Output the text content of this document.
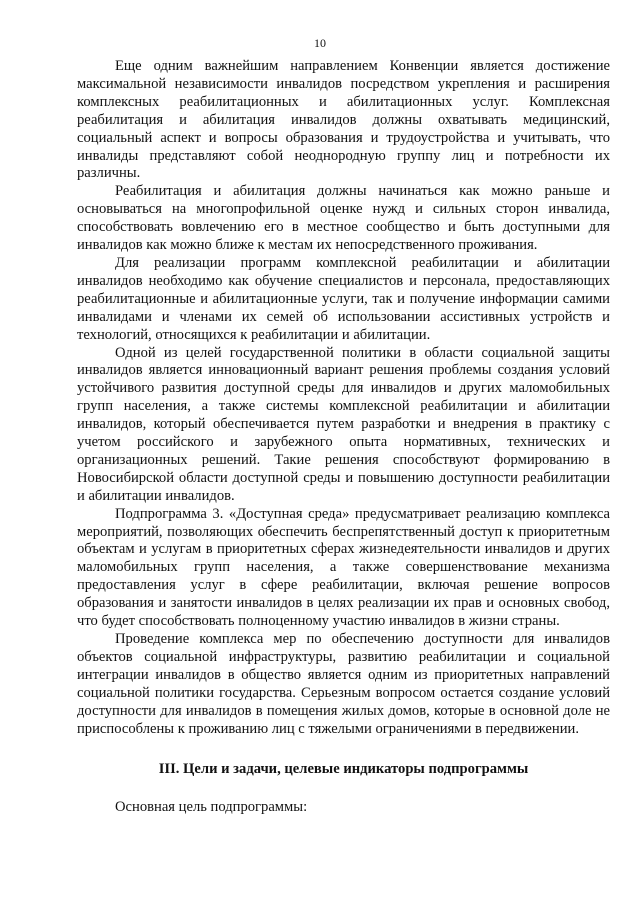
10

Еще одним важнейшим направлением Конвенции является достижение максимальной независимости инвалидов посредством укрепления и расширения комплексных реабилитационных и абилитационных услуг. Комплексная реабилитация и абилитация инвалидов должны охватывать медицинский, социальный аспект и вопросы образования и трудоустройства и учитывать, что инвалиды представляют собой неоднородную группу лиц и потребности их различны.

Реабилитация и абилитация должны начинаться как можно раньше и основываться на многопрофильной оценке нужд и сильных сторон инвалида, способствовать вовлечению его в местное сообщество и быть доступными для инвалидов как можно ближе к местам их непосредственного проживания.

Для реализации программ комплексной реабилитации и абилитации инвалидов необходимо как обучение специалистов и персонала, предоставляющих реабилитационные и абилитационные услуги, так и получение информации самими инвалидами и членами их семей об использовании ассистивных устройств и технологий, относящихся к реабилитации и абилитации.

Одной из целей государственной политики в области социальной защиты инвалидов является инновационный вариант решения проблемы создания условий устойчивого развития доступной среды для инвалидов и других маломобильных групп населения, а также системы комплексной реабилитации и абилитации инвалидов, который обеспечивается путем разработки и внедрения в практику с учетом российского и зарубежного опыта нормативных, технических и организационных решений. Такие решения способствуют формированию в Новосибирской области доступной среды и повышению доступности реабилитации и абилитации инвалидов.

Подпрограмма 3. «Доступная среда» предусматривает реализацию комплекса мероприятий, позволяющих обеспечить беспрепятственный доступ к приоритетным объектам и услугам в приоритетных сферах жизнедеятельности инвалидов и других маломобильных групп населения, а также совершенствование механизма предоставления услуг в сфере реабилитации, включая решение вопросов образования и занятости инвалидов в целях реализации их прав и основных свобод, что будет способствовать полноценному участию инвалидов в жизни страны.

Проведение комплекса мер по обеспечению доступности для инвалидов объектов социальной инфраструктуры, развитию реабилитации и социальной интеграции инвалидов в общество является одним из приоритетных направлений социальной политики государства. Серьезным вопросом остается создание условий доступности для инвалидов в помещения жилых домов, которые в основной доле не приспособлены к проживанию лиц с тяжелыми ограничениями в передвижении.

III. Цели и задачи, целевые индикаторы подпрограммы

Основная цель подпрограммы:
